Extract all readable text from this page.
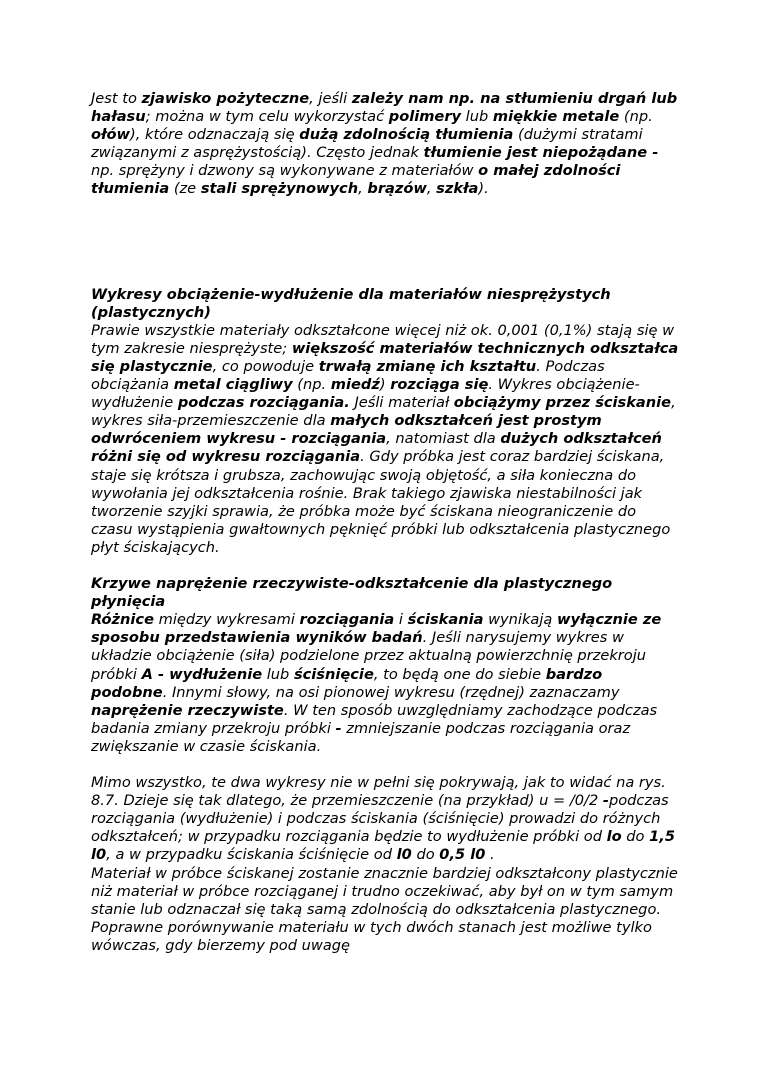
Jest to zjawisko pożyteczne, jeśli zależy nam np. na stłumieniu drgań lub hałasu; można w tym celu wykorzystać polimery lub miękkie metale (np. ołów), które odznaczają się dużą zdolnością tłumienia (dużymi stratami związanymi z asprężystością). Często jednak tłumienie jest niepożądane - np. sprężyny i dzwony są wykonywane z materiałów o małej zdolności tłumienia (ze stali sprężynowych, brązów, szkła).

Wykresy obciążenie-wydłużenie dla materiałów niesprężystych (plastycznych)

Prawie wszystkie materiały odkształcone więcej niż ok. 0,001 (0,1%) stają się w tym zakresie niesprężyste; większość materiałów technicznych odkształca się plastycznie, co powoduje trwałą zmianę ich kształtu. Podczas obciążania metal ciągliwy (np. miedź) rozciąga się. Wykres obciążenie-wydłużenie podczas rozciągania. Jeśli materiał obciążymy przez ściskanie, wykres siła-przemieszczenie dla małych odkształceń jest prostym odwróceniem wykresu - rozciągania, natomiast dla dużych odkształceń różni się od wykresu rozciągania. Gdy próbka jest coraz bardziej ściskana, staje się krótsza i grubsza, zachowując swoją objętość, a siła konieczna do wywołania jej odkształcenia rośnie. Brak takiego zjawiska niestabilności jak tworzenie szyjki sprawia, że próbka może być ściskana nieograniczenie do czasu wystąpienia gwałtownych pęknięć próbki lub odkształcenia plastycznego płyt ściskających.

Krzywe naprężenie rzeczywiste-odkształcenie dla plastycznego płynięcia

Różnice między wykresami rozciągania i ściskania wynikają wyłącznie ze sposobu przedstawienia wyników badań. Jeśli narysujemy wykres w układzie obciążenie (siła) podzielone przez aktualną powierzchnię przekroju próbki A - wydłużenie lub ściśnięcie, to będą one do siebie bardzo podobne. Innymi słowy, na osi pionowej wykresu (rzędnej) zaznaczamy naprężenie rzeczywiste. W ten sposób uwzględniamy zachodzące podczas badania zmiany przekroju próbki - zmniejszanie podczas rozciągania oraz zwiększanie w czasie ściskania.

Mimo wszystko, te dwa wykresy nie w pełni się pokrywają, jak to widać na rys. 8.7. Dzieje się tak dlatego, że przemieszczenie (na przykład) u = /0/2 -podczas rozciągania (wydłużenie) i podczas ściskania (ściśnięcie) prowadzi do różnych odkształceń; w przypadku rozciągania będzie to wydłużenie próbki od lo do 1,5 l0, a w przypadku ściskania ściśnięcie od l0 do 0,5 l0 .

Materiał w próbce ściskanej zostanie znacznie bardziej odkształcony plastycznie niż materiał w próbce rozciąganej i trudno oczekiwać, aby był on w tym samym stanie lub odznaczał się taką samą zdolnością do odkształcenia plastycznego. Poprawne porównywanie materiału w tych dwóch stanach jest możliwe tylko wówczas, gdy bierzemy pod uwagę
